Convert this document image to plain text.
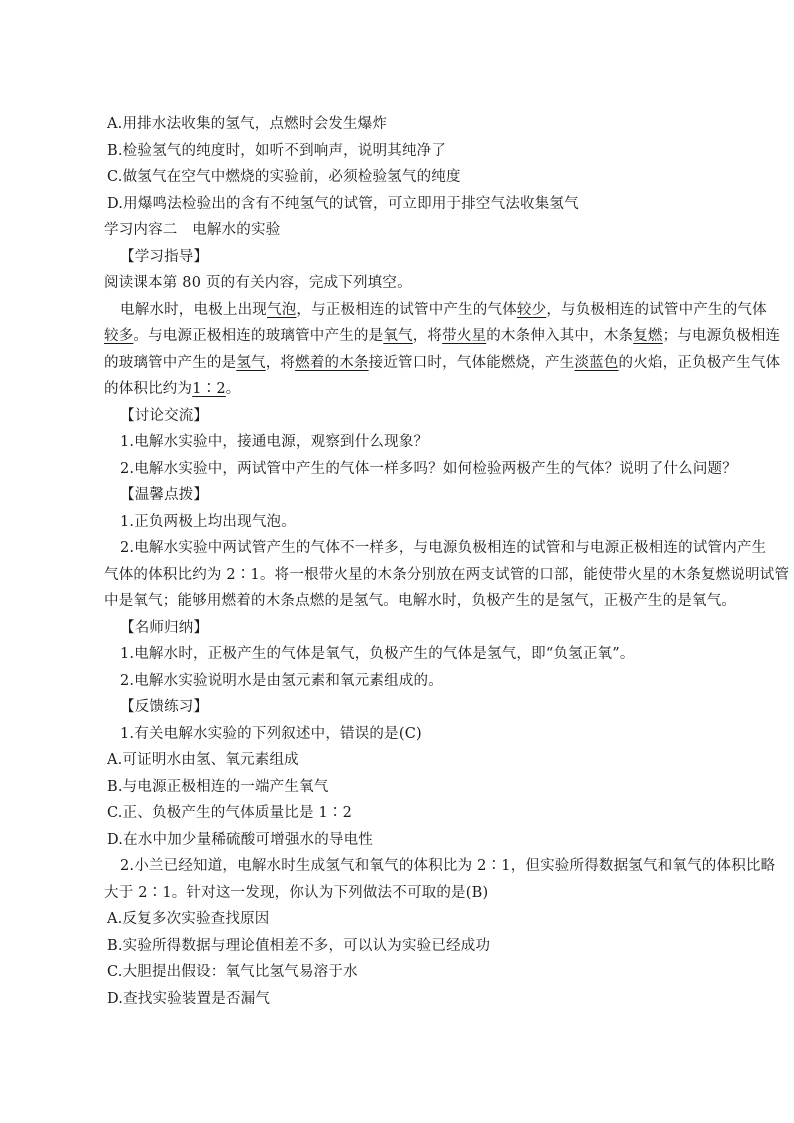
A.用排水法收集的氢气，点燃时会发生爆炸
B.检验氢气的纯度时，如听不到响声，说明其纯净了
C.做氢气在空气中燃烧的实验前，必须检验氢气的纯度
D.用爆鸣法检验出的含有不纯氢气的试管，可立即用于排空气法收集氢气
学习内容二　电解水的实验
【学习指导】
阅读课本第 80 页的有关内容，完成下列填空。
电解水时，电极上出现气泡，与正极相连的试管中产生的气体较少，与负极相连的试管中产生的气体
较多。与电源正极相连的玻璃管中产生的是氧气，将带火星的木条伸入其中，木条复燃；与电源负极相连
的玻璃管中产生的是氢气，将燃着的木条接近管口时，气体能燃烧，产生淡蓝色的火焰，正负极产生气体
的体积比约为1∶2。
【讨论交流】
1.电解水实验中，接通电源，观察到什么现象？
2.电解水实验中，两试管中产生的气体一样多吗？如何检验两极产生的气体？说明了什么问题？
【温馨点拨】
1.正负两极上均出现气泡。
2.电解水实验中两试管产生的气体不一样多，与电源负极相连的试管和与电源正极相连的试管内产生
气体的体积比约为 2∶1。将一根带火星的木条分别放在两支试管的口部，能使带火星的木条复燃说明试管
中是氧气；能够用燃着的木条点燃的是氢气。电解水时，负极产生的是氢气，正极产生的是氧气。
【名师归纳】
1.电解水时，正极产生的气体是氧气，负极产生的气体是氢气，即“负氢正氧”。
2.电解水实验说明水是由氢元素和氧元素组成的。
【反馈练习】
1.有关电解水实验的下列叙述中，错误的是(C)
A.可证明水由氢、氧元素组成
B.与电源正极相连的一端产生氧气
C.正、负极产生的气体质量比是 1∶2
D.在水中加少量稀硫酸可增强水的导电性
2.小兰已经知道，电解水时生成氢气和氧气的体积比为 2∶1，但实验所得数据氢气和氧气的体积比略
大于 2∶1。针对这一发现，你认为下列做法不可取的是(B)
A.反复多次实验查找原因
B.实验所得数据与理论值相差不多，可以认为实验已经成功
C.大胆提出假设：氧气比氢气易溶于水
D.查找实验装置是否漏气
